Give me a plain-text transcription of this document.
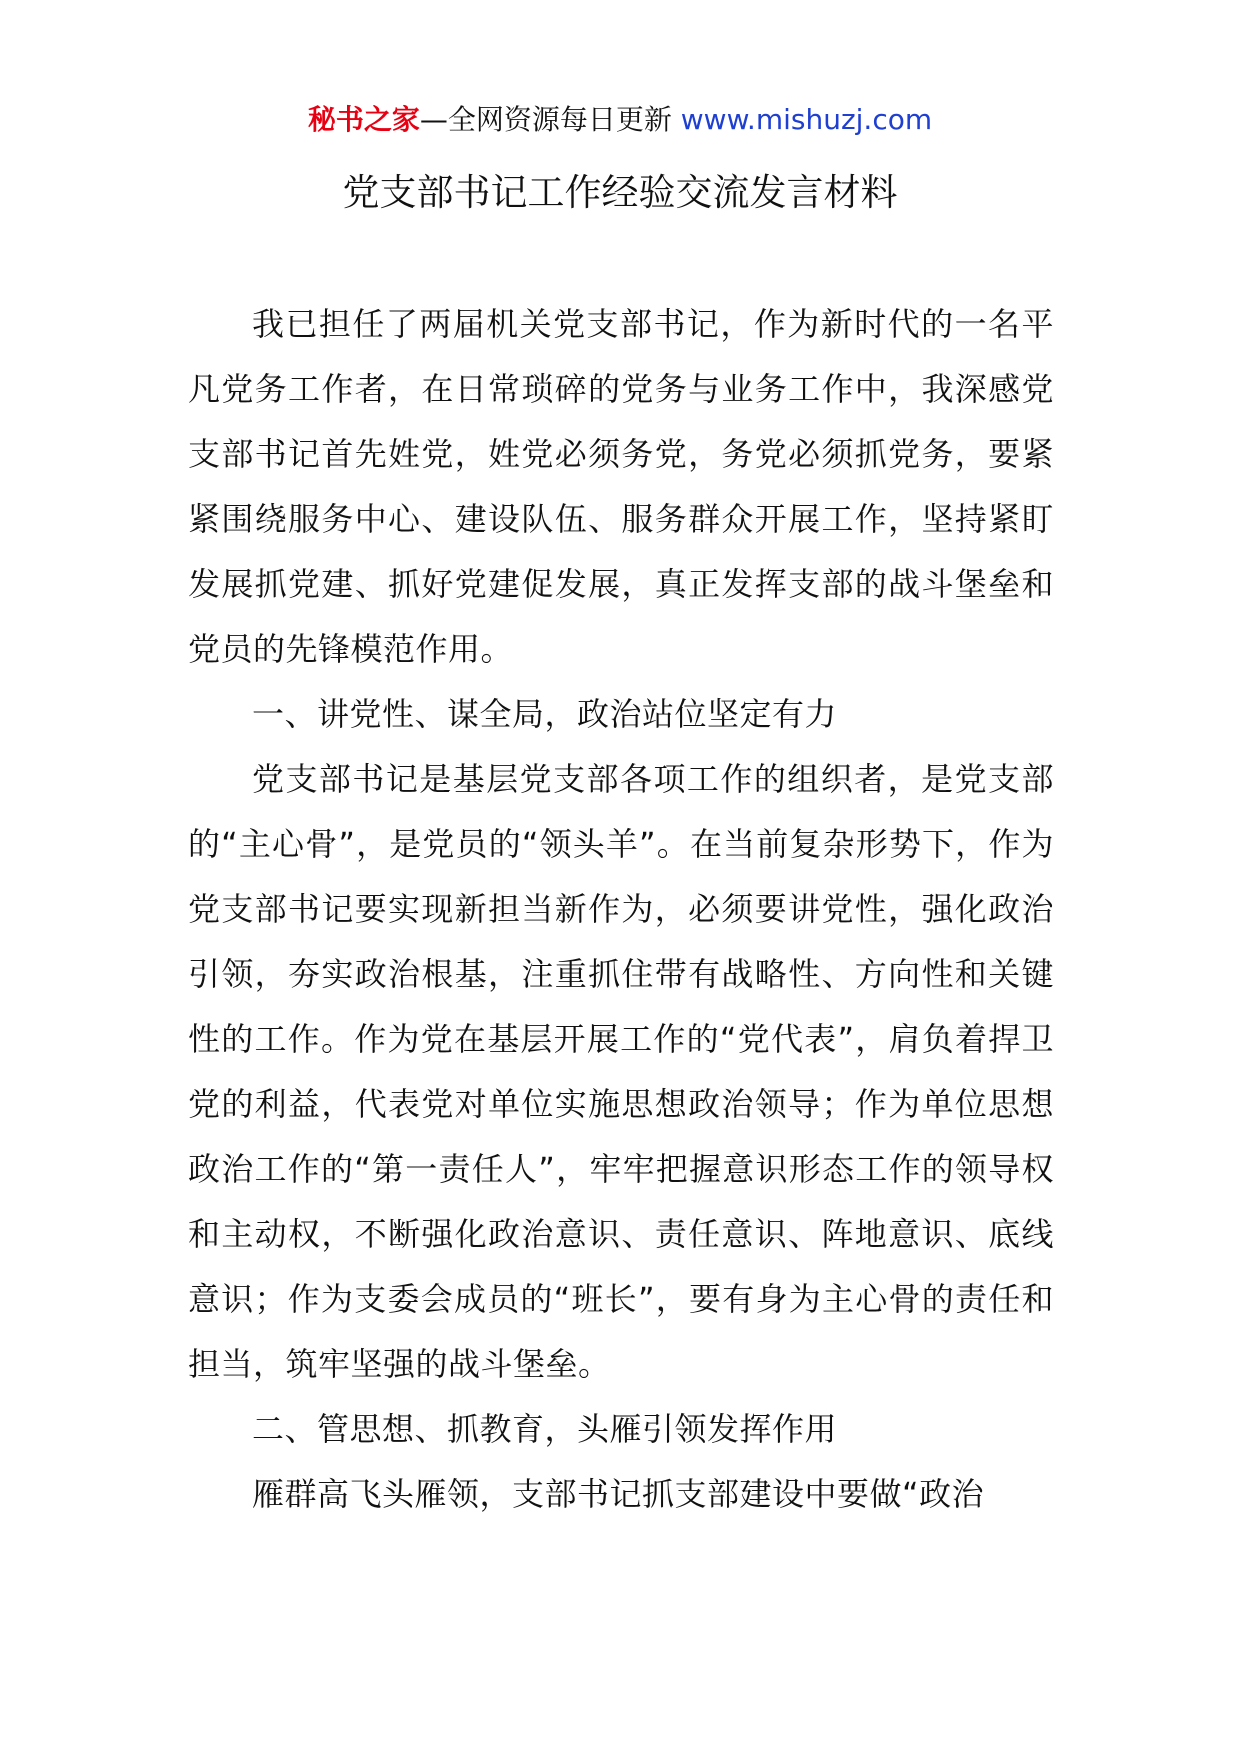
秘书之家—全网资源每日更新 www.mishuzj.com
党支部书记工作经验交流发言材料

我已担任了两届机关党支部书记，作为新时代的一名平凡党务工作者，在日常琐碎的党务与业务工作中，我深感党支部书记首先姓党，姓党必须务党，务党必须抓党务，要紧紧围绕服务中心、建设队伍、服务群众开展工作，坚持紧盯发展抓党建、抓好党建促发展，真正发挥支部的战斗堡垒和党员的先锋模范作用。

一、讲党性、谋全局，政治站位坚定有力

党支部书记是基层党支部各项工作的组织者，是党支部的“主心骨”，是党员的“领头羊”。在当前复杂形势下，作为党支部书记要实现新担当新作为，必须要讲党性，强化政治引领，夯实政治根基，注重抓住带有战略性、方向性和关键性的工作。作为党在基层开展工作的“党代表”，肩负着捍卫党的利益，代表党对单位实施思想政治领导；作为单位思想政治工作的“第一责任人”，牢牢把握意识形态工作的领导权和主动权，不断强化政治意识、责任意识、阵地意识、底线意识；作为支委会成员的“班长”，要有身为主心骨的责任和担当，筑牢坚强的战斗堡垒。

二、管思想、抓教育，头雁引领发挥作用

雁群高飞头雁领，支部书记抓支部建设中要做“政治
